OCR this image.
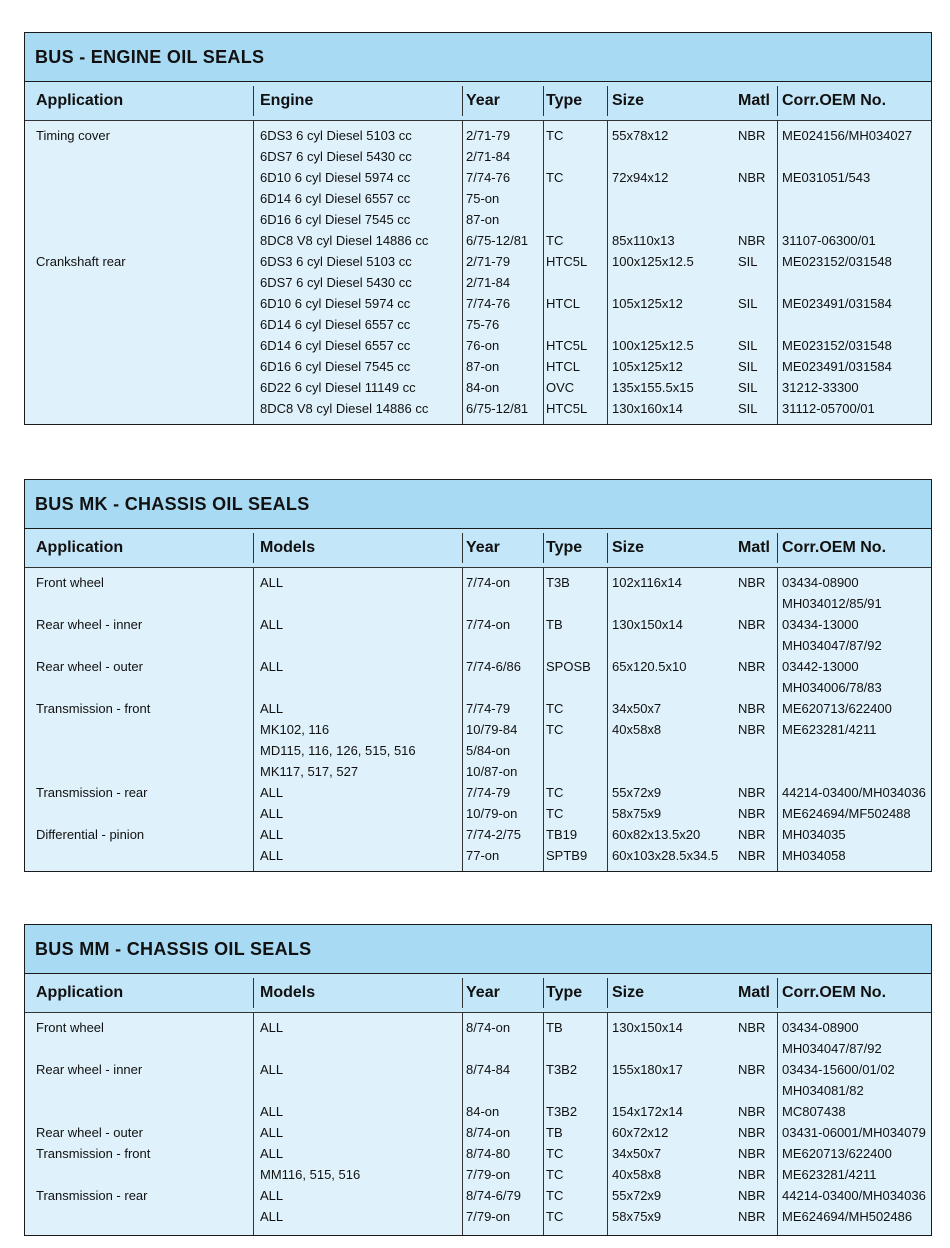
BUS - ENGINE OIL SEALS
Application	Engine	Year	Type Size	Matl Corr.OEM No.
Timing cover	6DS3 6 cyl Diesel 5103 cc	2/71-79	TC	55x78x12	NBR ME024156/MH034027
6DS7 6 cyl Diesel 5430 cc	2/71-84
6D10 6 cyl Diesel 5974 cc	7/74-76	TC	72x94x12	NBR ME031051/543
6D14 6 cyl Diesel 6557 cc	75-on
6D16 6 cyl Diesel 7545 cc	87-on
8DC8 V8 cyl Diesel 14886 cc	6/75-12/81 TC	85x110x13	NBR 31107-06300/01
Crankshaft rear	6DS3 6 cyl Diesel 5103 cc	2/71-79	HTC5L 100x125x12.5	SIL ME023152/031548
6DS7 6 cyl Diesel 5430 cc	2/71-84
6D10 6 cyl Diesel 5974 cc	7/74-76	HTCL 105x125x12	SIL ME023491/031584
6D14 6 cyl Diesel 6557 cc	75-76
6D14 6 cyl Diesel 6557 cc	76-on	HTC5L 100x125x12.5	SIL ME023152/031548
6D16 6 cyl Diesel 7545 cc	87-on	HTCL 105x125x12	SIL ME023491/031584
6D22 6 cyl Diesel 11149 cc	84-on	OVC	135x155.5x15	SIL 31212-33300
8DC8 V8 cyl Diesel 14886 cc	6/75-12/81 HTC5L 130x160x14	SIL 31112-05700/01
BUS MK - CHASSIS OIL SEALS
Application	Models	Year	Type Size	Matl Corr.OEM No.
Front wheel	ALL	7/74-on	T3B	102x116x14	NBR 03434-08900
MH034012/85/91
Rear wheel - inner	ALL	7/74-on	TB	130x150x14	NBR 03434-13000
MH034047/87/92
Rear wheel - outer	ALL	7/74-6/86 SPOSB 65x120.5x10	NBR 03442-13000
MH034006/78/83
Transmission - front	ALL	7/74-79	TC	34x50x7	NBR ME620713/622400
MK102, 116	10/79-84 TC	40x58x8	NBR ME623281/4211
MD115, 116, 126, 515, 516	5/84-on
MK117, 517, 527	10/87-on
Transmission - rear	ALL	7/74-79	TC	55x72x9	NBR 44214-03400/MH034036
ALL	10/79-on TC	58x75x9	NBR ME624694/MF502488
Differential - pinion	ALL	7/74-2/75 TB19	60x82x13.5x20	NBR MH034035
ALL	77-on	SPTB9 60x103x28.5x34.5 NBR MH034058
BUS MM - CHASSIS OIL SEALS
Application	Models	Year	Type Size	Matl Corr.OEM No.
Front wheel	ALL	8/74-on	TB	130x150x14	NBR 03434-08900
MH034047/87/92
Rear wheel - inner	ALL	8/74-84	T3B2	155x180x17	NBR 03434-15600/01/02
MH034081/82
ALL	84-on	T3B2	154x172x14	NBR MC807438
Rear wheel - outer	ALL	8/74-on	TB	60x72x12	NBR 03431-06001/MH034079
Transmission - front	ALL	8/74-80	TC	34x50x7	NBR ME620713/622400
MM116, 515, 516	7/79-on	TC	40x58x8	NBR ME623281/4211
Transmission - rear	ALL	8/74-6/79 TC	55x72x9	NBR 44214-03400/MH034036
ALL	7/79-on	TC	58x75x9	NBR ME624694/MH502486
